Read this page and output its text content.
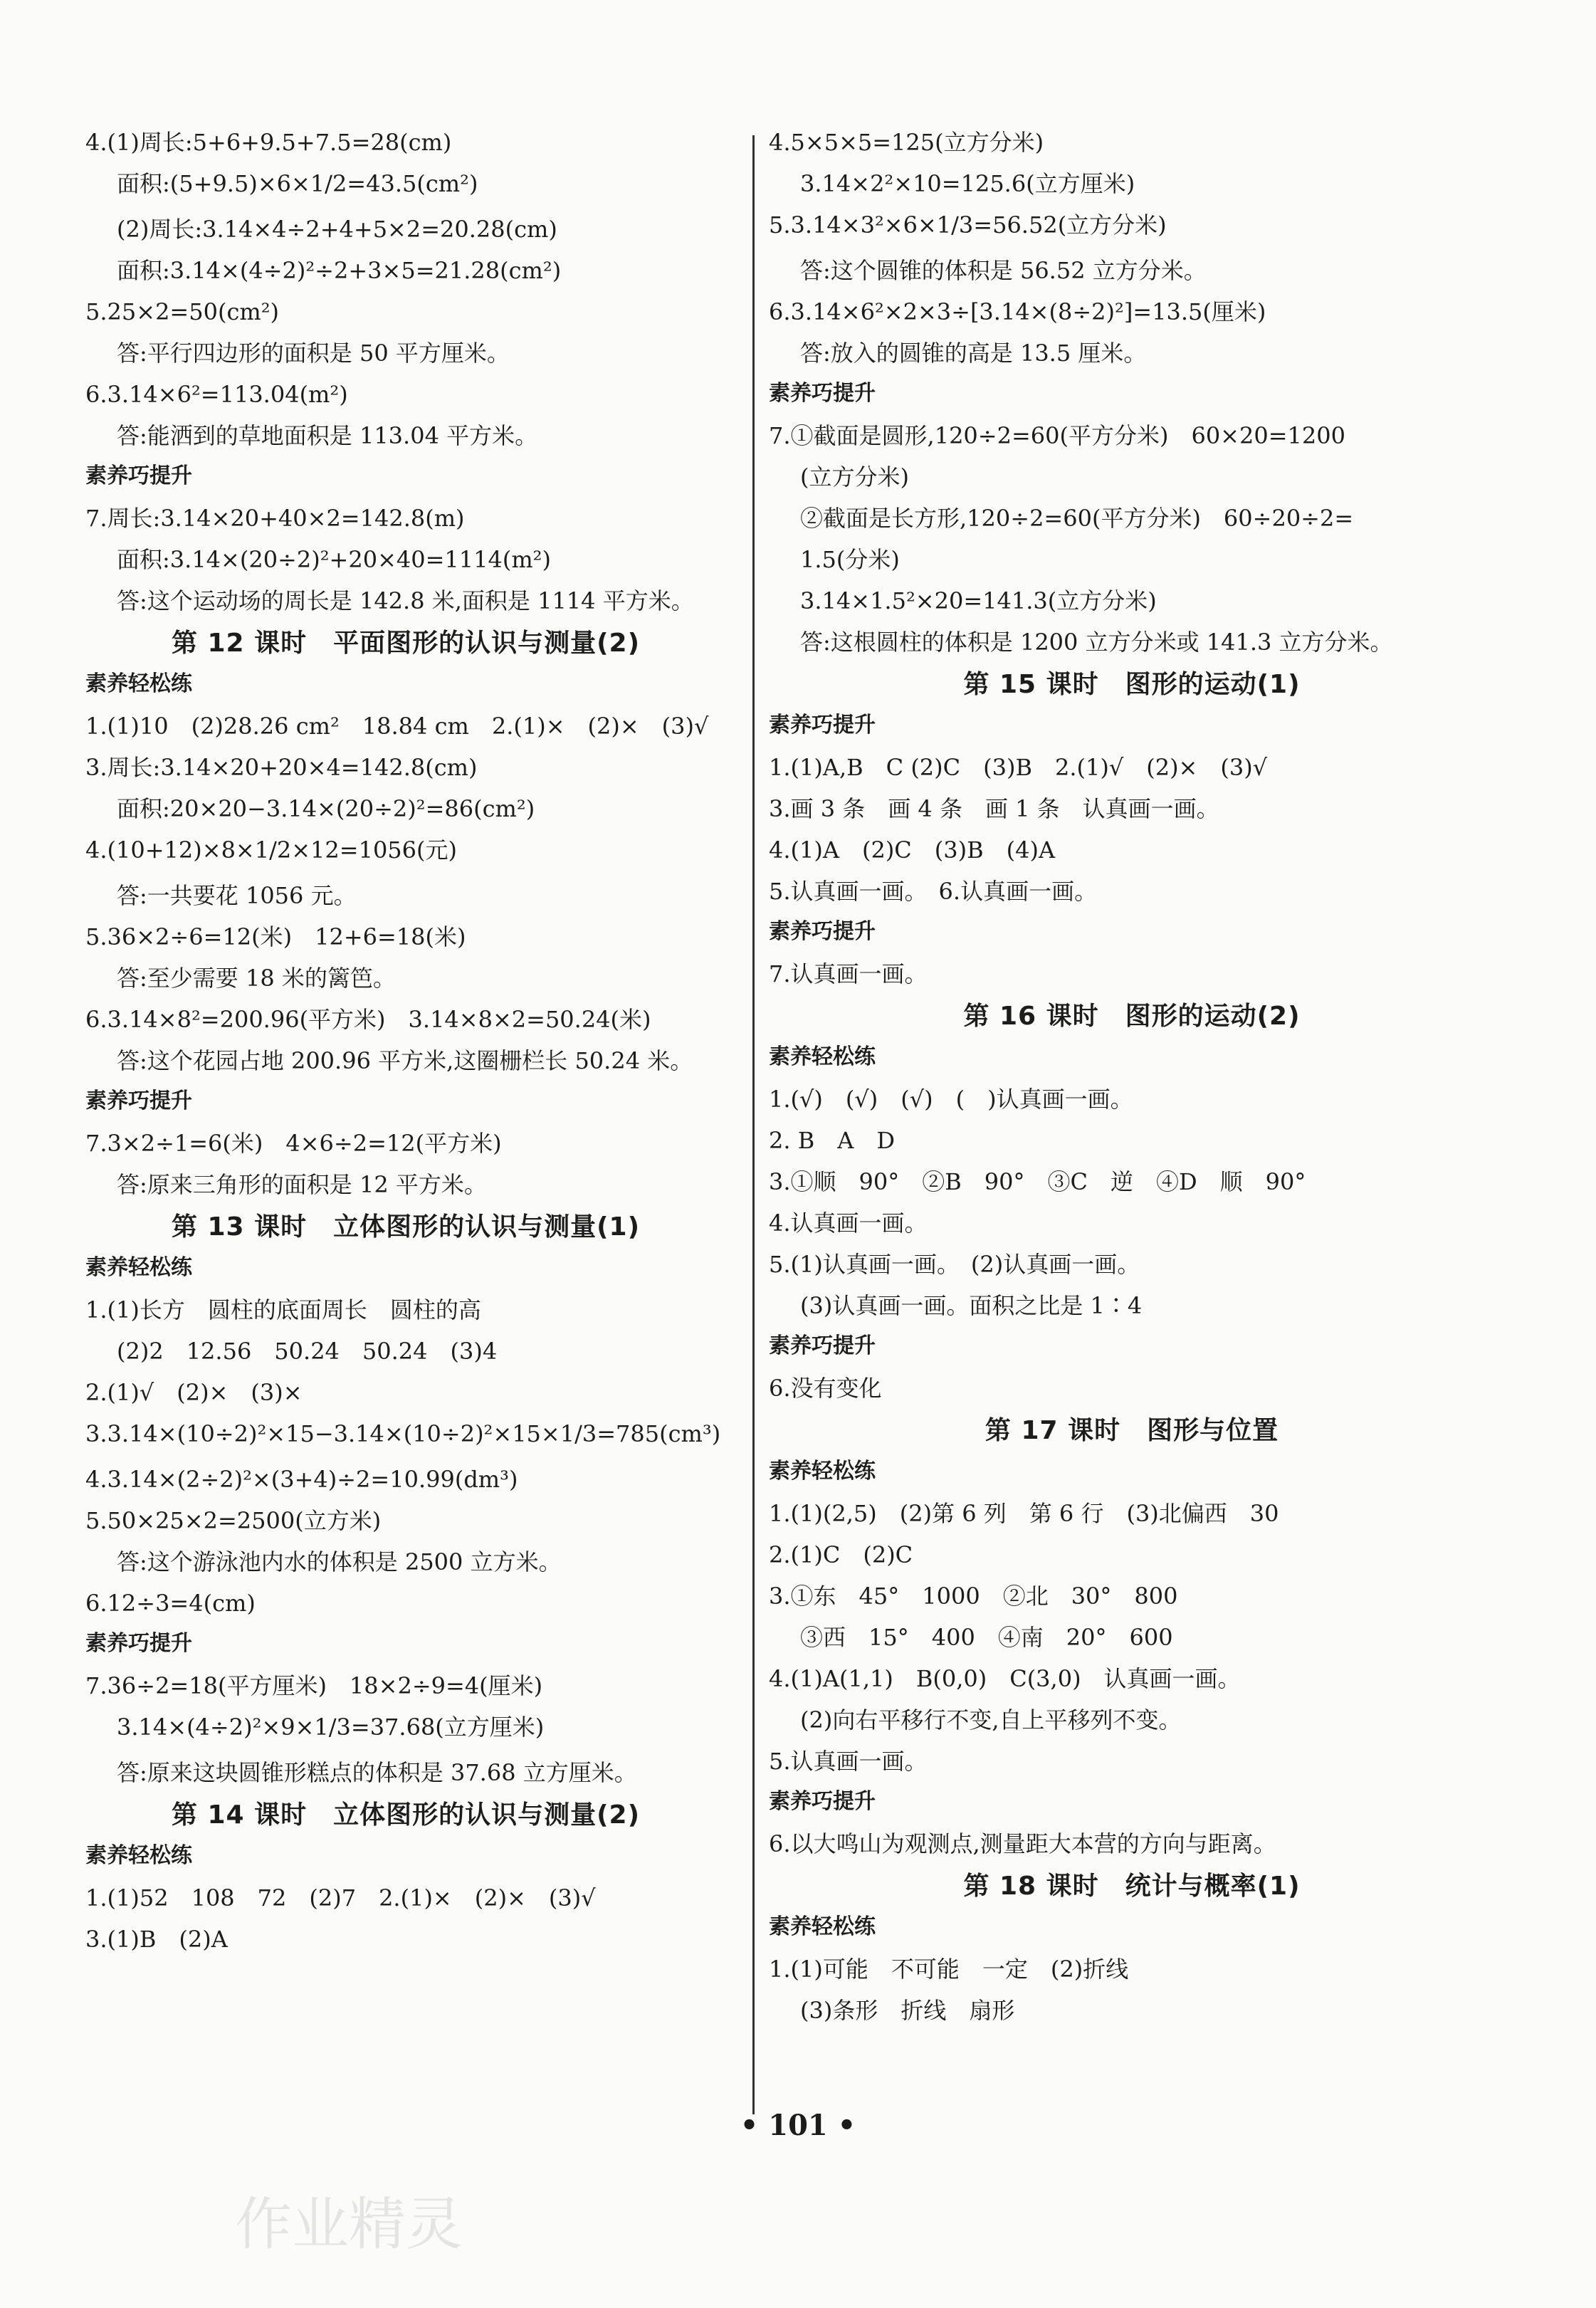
4.(1)周长:5+6+9.5+7.5=28(cm)
面积:(5+9.5)×6×1/2=43.5(cm²)
(2)周长:3.14×4÷2+4+5×2=20.28(cm)
面积:3.14×(4÷2)²÷2+3×5=21.28(cm²)
5.25×2=50(cm²)
答:平行四边形的面积是 50 平方厘米。
6.3.14×6²=113.04(m²)
答:能洒到的草地面积是 113.04 平方米。
素养巧提升
7.周长:3.14×20+40×2=142.8(m)
面积:3.14×(20÷2)²+20×40=1114(m²)
答:这个运动场的周长是 142.8 米,面积是 1114 平方米。
第 12 课时　平面图形的认识与测量(2)
素养轻松练
1.(1)10　(2)28.26 cm²　18.84 cm　2.(1)×　(2)×　(3)√
3.周长:3.14×20+20×4=142.8(cm)
面积:20×20−3.14×(20÷2)²=86(cm²)
4.(10+12)×8×1/2×12=1056(元)
答:一共要花 1056 元。
5.36×2÷6=12(米)　12+6=18(米)
答:至少需要 18 米的篱笆。
6.3.14×8²=200.96(平方米)　3.14×8×2=50.24(米)
答:这个花园占地 200.96 平方米,这圈栅栏长 50.24 米。
素养巧提升
7.3×2÷1=6(米)　4×6÷2=12(平方米)
答:原来三角形的面积是 12 平方米。
第 13 课时　立体图形的认识与测量(1)
素养轻松练
1.(1)长方　圆柱的底面周长　圆柱的高
(2)2　12.56　50.24　50.24　(3)4
2.(1)√　(2)×　(3)×
3.3.14×(10÷2)²×15−3.14×(10÷2)²×15×1/3=785(cm³)
4.3.14×(2÷2)²×(3+4)÷2=10.99(dm³)
5.50×25×2=2500(立方米)
答:这个游泳池内水的体积是 2500 立方米。
6.12÷3=4(cm)
素养巧提升
7.36÷2=18(平方厘米)　18×2÷9=4(厘米)
3.14×(4÷2)²×9×1/3=37.68(立方厘米)
答:原来这块圆锥形糕点的体积是 37.68 立方厘米。
第 14 课时　立体图形的认识与测量(2)
素养轻松练
1.(1)52　108　72　(2)7　2.(1)×　(2)×　(3)√
3.(1)B　(2)A
4.5×5×5=125(立方分米)
3.14×2²×10=125.6(立方厘米)
5.3.14×3²×6×1/3=56.52(立方分米)
答:这个圆锥的体积是 56.52 立方分米。
6.3.14×6²×2×3÷[3.14×(8÷2)²]=13.5(厘米)
答:放入的圆锥的高是 13.5 厘米。
素养巧提升
7.①截面是圆形,120÷2=60(平方分米)　60×20=1200
(立方分米)
②截面是长方形,120÷2=60(平方分米)　60÷20÷2=
1.5(分米)
3.14×1.5²×20=141.3(立方分米)
答:这根圆柱的体积是 1200 立方分米或 141.3 立方分米。
第 15 课时　图形的运动(1)
素养巧提升
1.(1)A,B　C (2)C　(3)B　2.(1)√　(2)×　(3)√
3.画 3 条　画 4 条　画 1 条　认真画一画。
4.(1)A　(2)C　(3)B　(4)A
5.认真画一画。　6.认真画一画。
素养巧提升
7.认真画一画。
第 16 课时　图形的运动(2)
素养轻松练
1.(√)　(√)　(√)　(　)认真画一画。
2. B　A　D
3.①顺　90°　②B　90°　③C　逆　④D　顺　90°
4.认真画一画。
5.(1)认真画一画。　(2)认真画一画。
(3)认真画一画。面积之比是 1∶4
素养巧提升
6.没有变化
第 17 课时　图形与位置
素养轻松练
1.(1)(2,5)　(2)第 6 列　第 6 行　(3)北偏西　30
2.(1)C　(2)C
3.①东　45°　1000　②北　30°　800
③西　15°　400　④南　20°　600
4.(1)A(1,1)　B(0,0)　C(3,0)　认真画一画。
(2)向右平移行不变,自上平移列不变。
5.认真画一画。
素养巧提升
6.以大鸣山为观测点,测量距大本营的方向与距离。
第 18 课时　统计与概率(1)
素养轻松练
1.(1)可能　不可能　一定　(2)折线
(3)条形　折线　扇形
• 101 •
作业精灵
